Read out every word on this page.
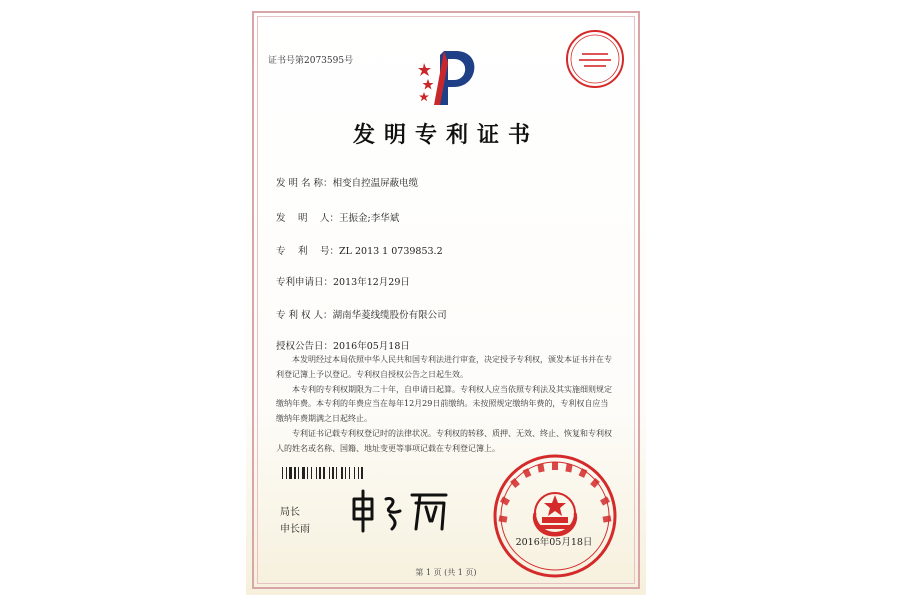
证书号第2073595号
发明专利证书
发 明 名 称：相变自控温屏蔽电缆
发　 明　 人：王振金;李华斌
专　 利　 号：ZL 2013 1 0739853.2
专利申请日：2013年12月29日
专 利 权 人：湖南华菱线缆股份有限公司
授权公告日：2016年05月18日

本发明经过本局依照中华人民共和国专利法进行审查，决定授予专利权，颁发本证书并在专利登记簿上予以登记。专利权自授权公告之日起生效。

本专利的专利权期限为二十年，自申请日起算。专利权人应当依照专利法及其实施细则规定缴纳年费。本专利的年费应当在每年12月29日前缴纳。未按照规定缴纳年费的，专利权自应当缴纳年费期满之日起终止。

专利证书记载专利权登记时的法律状况。专利权的转移、质押、无效、终止、恢复和专利权人的姓名或名称、国籍、地址变更等事项记载在专利登记簿上。

局长
申长雨
2016年05月18日
第 1 页 (共 1 页)
